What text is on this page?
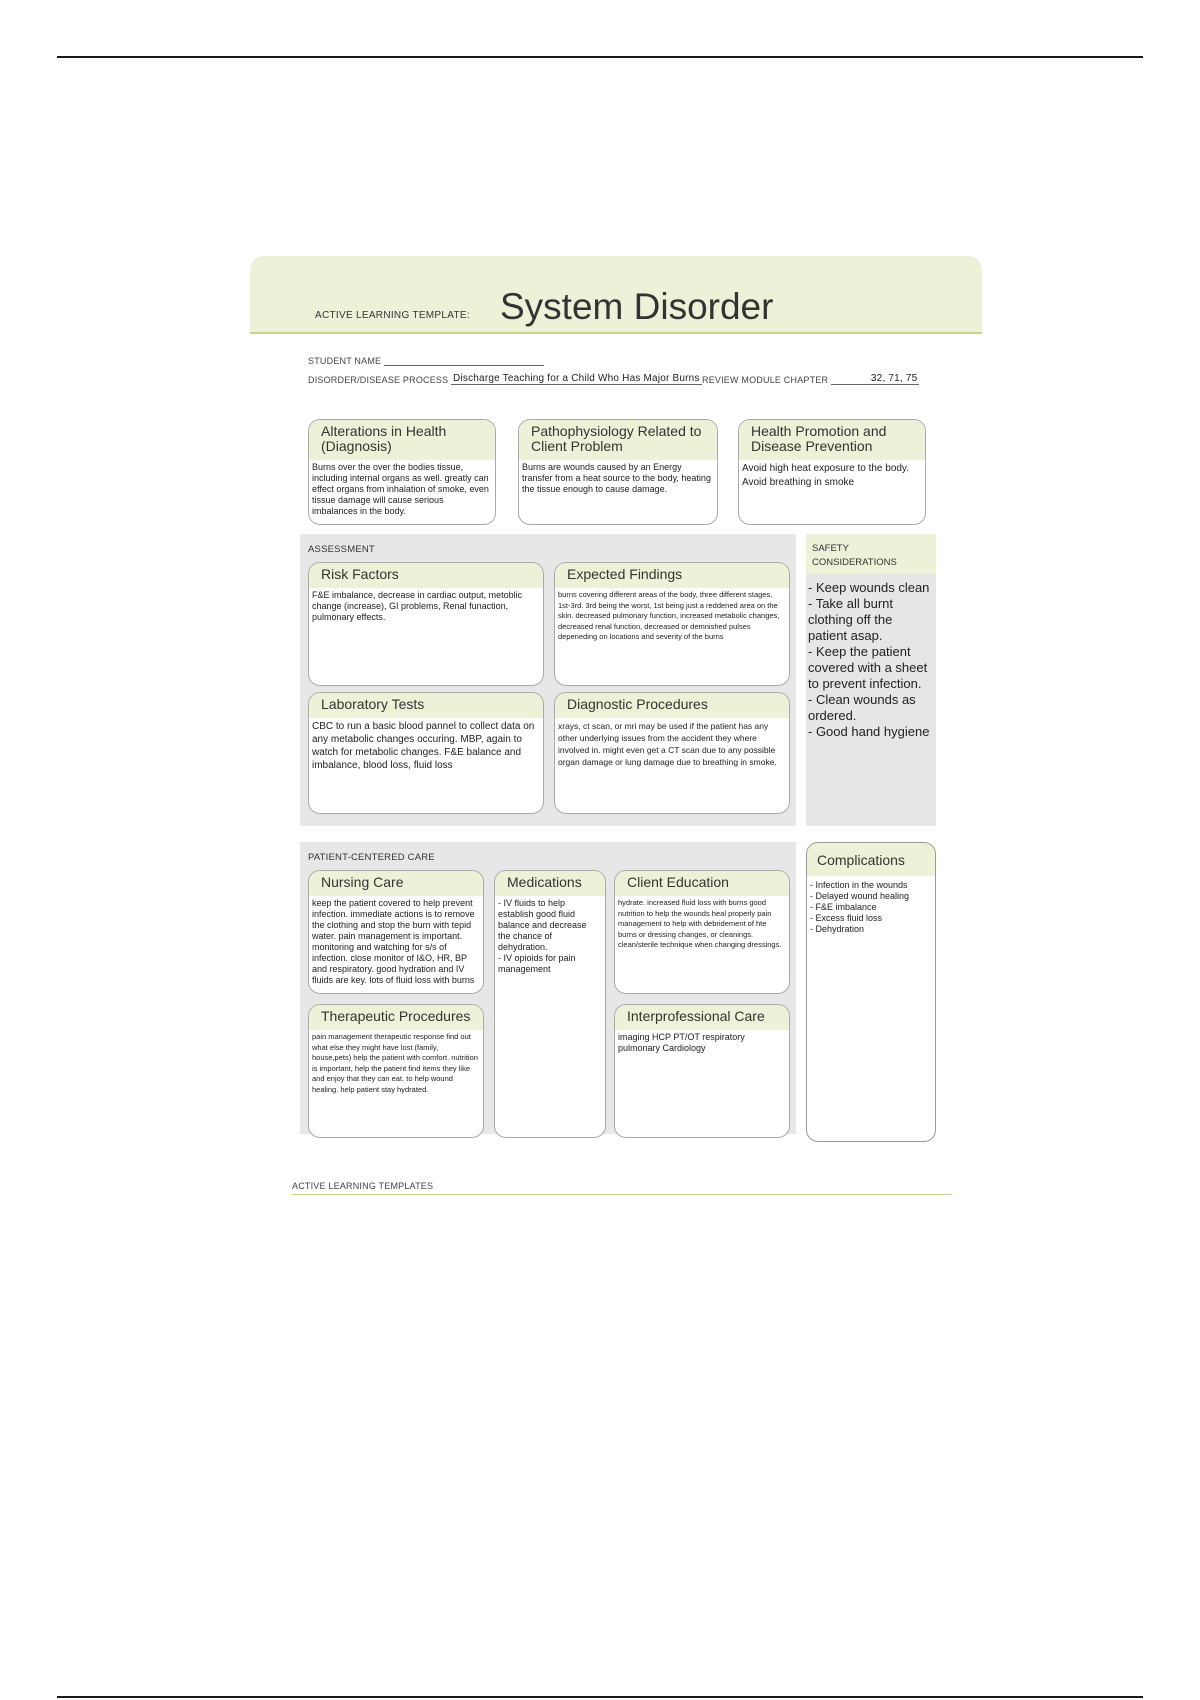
ACTIVE LEARNING TEMPLATE: System Disorder
STUDENT NAME
DISORDER/DISEASE PROCESS Discharge Teaching for a Child Who Has Major Burns REVIEW MODULE CHAPTER	32, 71, 75
Alterations in Health (Diagnosis)
Burns over the over the bodies tissue, including internal organs as well. greatly can effect organs from inhalation of smoke, even tissue damage will cause serious imbalances in the body.
Pathophysiology Related to Client Problem
Burns are wounds caused by an Energy transfer from a heat source to the body, heating the tissue enough to cause damage.
Health Promotion and Disease Prevention
Avoid high heat exposure to the body. Avoid breathing in smoke
ASSESSMENT
Risk Factors
F&E imbalance, decrease in cardiac output, metoblic change (increase), GI problems, Renal funaction, pulmonary effects.
Expected Findings
burns covering different areas of the body, three different stages, 1st-3rd. 3rd being the worst, 1st being just a reddened area on the skin. decreased pulmonary function, increased metabolic changes, decreased renal function, decreased or demnished pulses depeneding on locations and severity of the burns
Laboratory Tests
CBC to run a basic blood pannel to collect data on any metabolic changes occuring. MBP, again to watch for metabolic changes. F&E balance and imbalance, blood loss, fluid loss
Diagnostic Procedures
xrays, ct scan, or mri may be used if the patient has any other underlying issues from the accident they where involved in. might even get a CT scan due to any possible organ damage or lung damage due to breathing in smoke.
SAFETY CONSIDERATIONS
- Keep wounds clean
- Take all burnt clothing off the patient asap.
- Keep the patient covered with a sheet to prevent infection.
- Clean wounds as ordered.
- Good hand hygiene
PATIENT-CENTERED CARE
Nursing Care
keep the patient covered to help prevent infection. immediate actions is to remove the clothing and stop the burn with tepid water. pain management is important. monitoring and watching for s/s of infection. close monitor of I&O, HR, BP and respiratory. good hydration and IV fluids are key. lots of fluid loss with burns
Medications
- IV fluids to help establish good fluid balance and decrease the chance of dehydration.
- IV opioids for pain management
Client Education
hydrate. increased fluid loss with burns good nutrition to help the wounds heal properly pain management to help with debridement of hte burns or dressing changes, or cleanings. clean/sterile technique when changing dressings.
Therapeutic Procedures
pain management therapeutic response find out what else they might have lost (family, house,pets) help the patient with comfort. nutrition is important, help the patient find items they like and enjoy that they can eat. to help wound healing. help patient stay hydrated.
Interprofessional Care
imaging HCP PT/OT respiratory pulmonary Cardiology
Complications
- Infection in the wounds
- Delayed wound healing
- F&E imbalance
- Excess fluid loss
- Dehydration
ACTIVE LEARNING TEMPLATES
